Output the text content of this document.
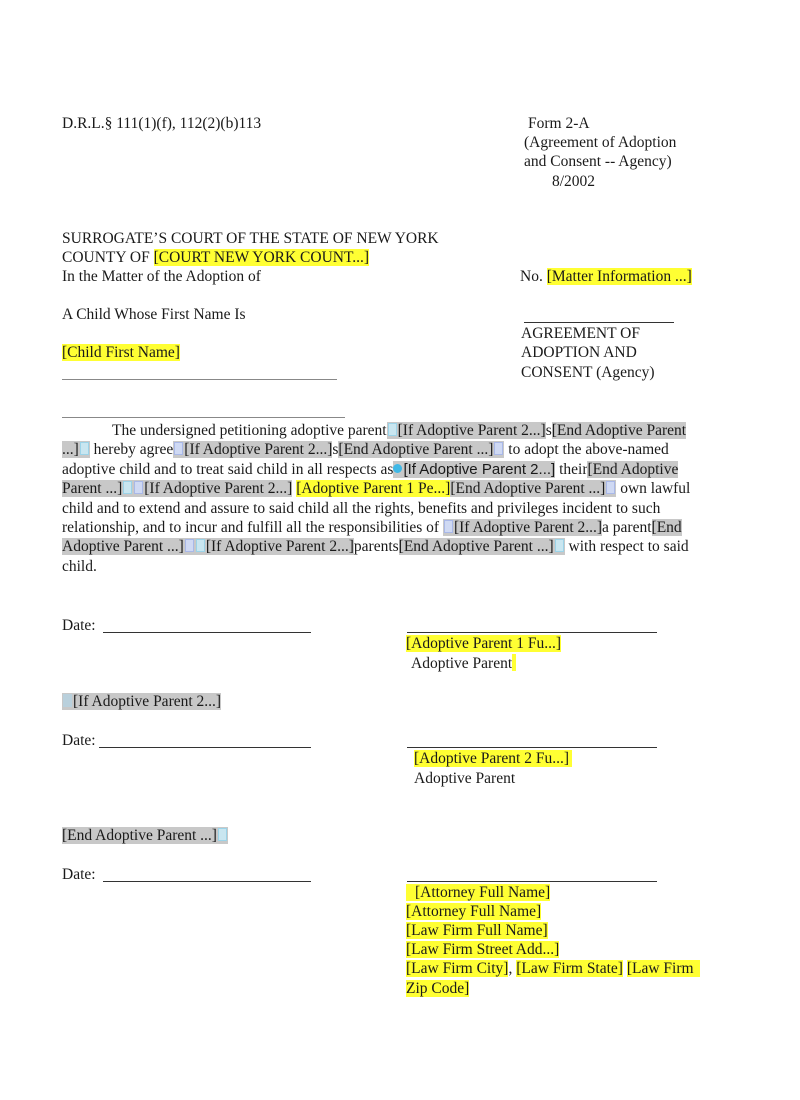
D.R.L.§ 111(1)(f), 112(2)(b)113	Form 2-A
(Agreement of Adoption
and Consent -- Agency)
8/2002
SURROGATE’S COURT OF THE STATE OF NEW YORK
COUNTY OF [COURT NEW YORK COUNT...]
In the Matter of the Adoption of
A Child Whose First Name Is
[Child First Name]
No. [Matter Information ...]
AGREEMENT OF
ADOPTION AND
CONSENT (Agency)
The undersigned petitioning adoptive parent [If Adoptive Parent 2...]s[End Adoptive Parent
...] hereby agree [If Adoptive Parent 2...]s[End Adoptive Parent ...] to adopt the above-named
adoptive child and to treat said child in all respects as [If Adoptive Parent 2...] their[End Adoptive
Parent ...] [If Adoptive Parent 2...] [Adoptive Parent 1 Pe...][End Adoptive Parent ...] own lawful
child and to extend and assure to said child all the rights, benefits and privileges incident to such
relationship, and to incur and fulfill all the responsibilities of [If Adoptive Parent 2...]a parent[End
Adoptive Parent ...] [If Adoptive Parent 2...]parents[End Adoptive Parent ...] with respect to said
child.
Date:
[Adoptive Parent 1 Fu...]
Adoptive Parent
[If Adoptive Parent 2...]
Date:
[Adoptive Parent 2 Fu...]
Adoptive Parent
[End Adoptive Parent ...]
Date:
[Attorney Full Name]
[Attorney Full Name]
[Law Firm Full Name]
[Law Firm Street Add...]
[Law Firm City], [Law Firm State] [Law Firm
Zip Code]
